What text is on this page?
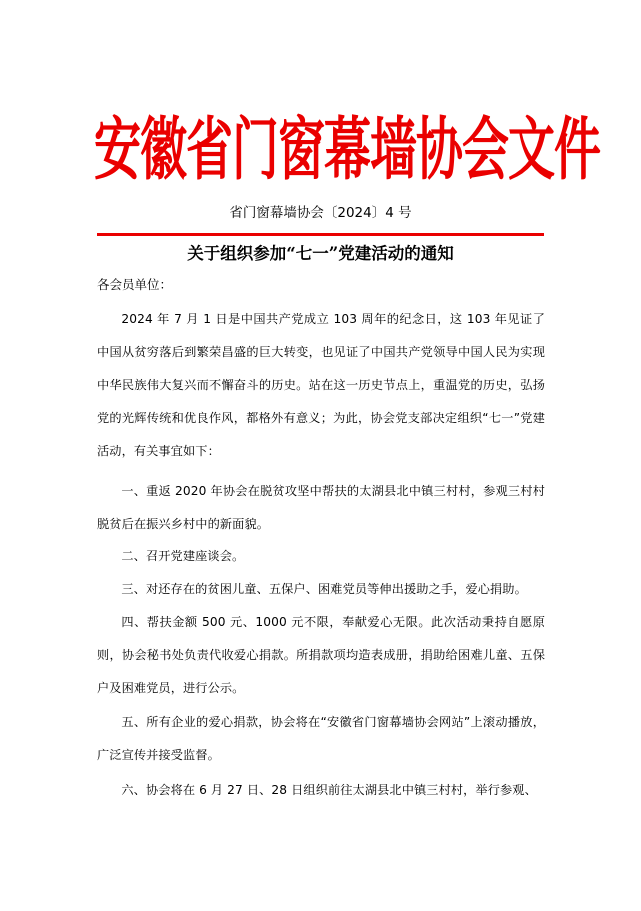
安徽省门窗幕墙协会文件
省门窗幕墙协会〔2024〕4 号
关于组织参加“七一”党建活动的通知
各会员单位：

2024 年 7 月 1 日是中国共产党成立 103 周年的纪念日，这 103 年见证了中国从贫穷落后到繁荣昌盛的巨大转变，也见证了中国共产党领导中国人民为实现中华民族伟大复兴而不懈奋斗的历史。站在这一历史节点上，重温党的历史，弘扬党的光辉传统和优良作风，都格外有意义；为此，协会党支部决定组织“七一”党建活动，有关事宜如下：

一、重返 2020 年协会在脱贫攻坚中帮扶的太湖县北中镇三村村，参观三村村脱贫后在振兴乡村中的新面貌。

二、召开党建座谈会。

三、对还存在的贫困儿童、五保户、困难党员等伸出援助之手，爱心捐助。

四、帮扶金额 500 元、1000 元不限，奉献爱心无限。此次活动秉持自愿原则，协会秘书处负责代收爱心捐款。所捐款项均造表成册，捐助给困难儿童、五保户及困难党员，进行公示。

五、所有企业的爱心捐款，协会将在“安徽省门窗幕墙协会网站”上滚动播放，广泛宣传并接受监督。

六、协会将在 6 月 27 日、28 日组织前往太湖县北中镇三村村，举行参观、
